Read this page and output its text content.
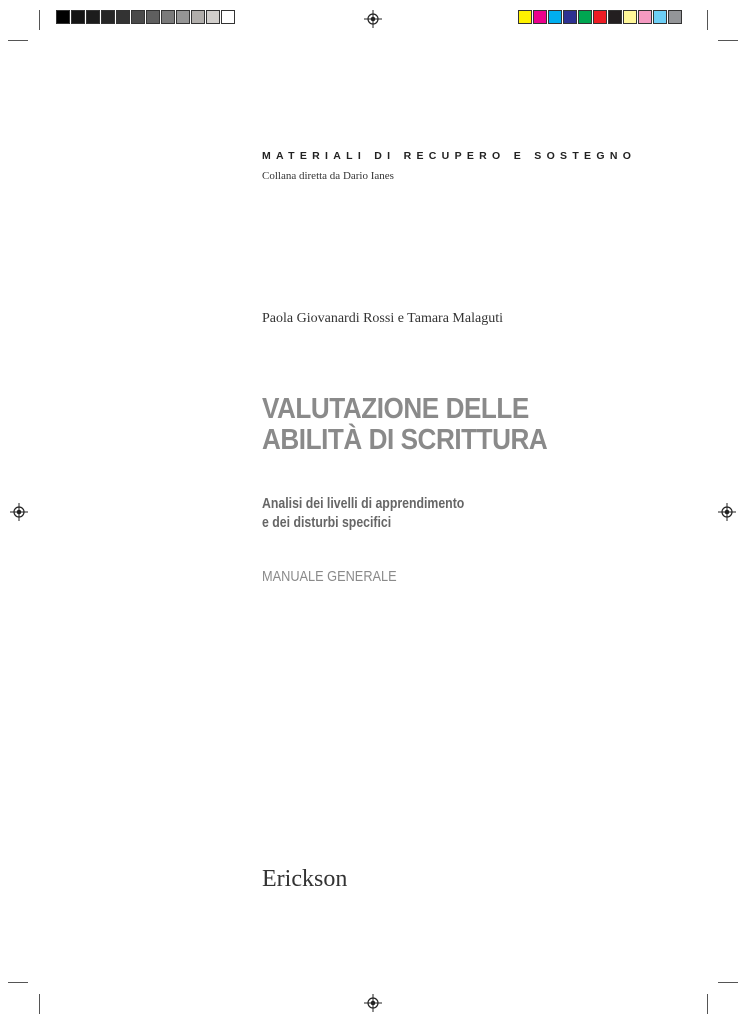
MATERIALI DI RECUPERO E SOSTEGNO
Collana diretta da Dario Ianes
Paola Giovanardi Rossi e Tamara Malaguti
VALUTAZIONE DELLE
ABILITÀ DI SCRITTURA
Analisi dei livelli di apprendimento
e dei disturbi specifici
MANUALE GENERALE
Erickson
